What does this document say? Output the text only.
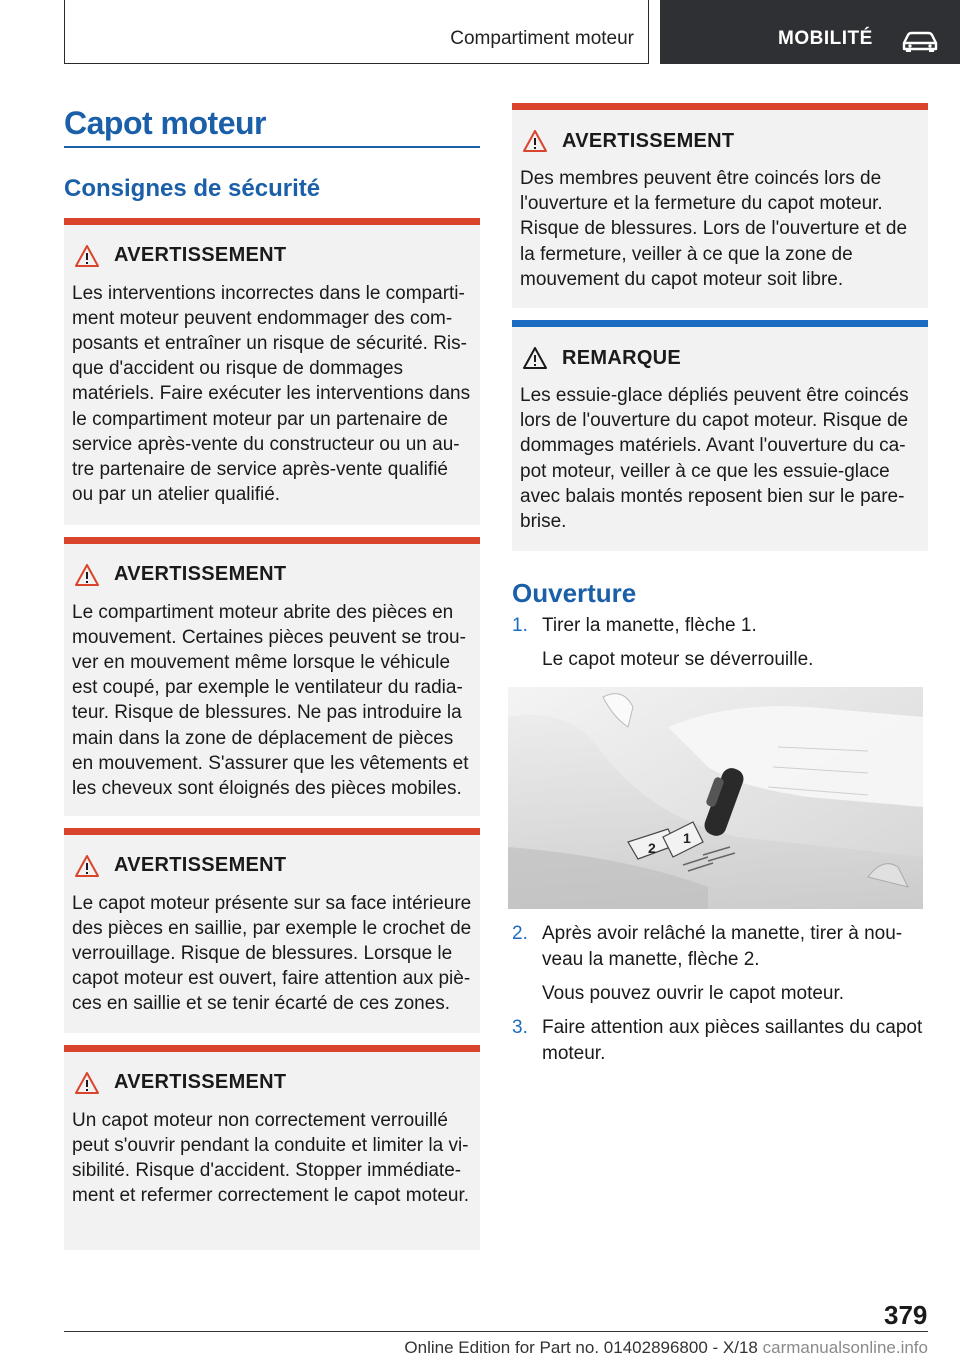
Compartiment moteur	MOBILITÉ
Capot moteur
Consignes de sécurité
AVERTISSEMENT

Les interventions incorrectes dans le compartiment moteur peuvent endommager des composants et entraîner un risque de sécurité. Risque d'accident ou risque de dommages matériels. Faire exécuter les interventions dans le compartiment moteur par un partenaire de service après-vente du constructeur ou un autre partenaire de service après-vente qualifié ou par un atelier qualifié.

AVERTISSEMENT

Le compartiment moteur abrite des pièces en mouvement. Certaines pièces peuvent se trouver en mouvement même lorsque le véhicule est coupé, par exemple le ventilateur du radiateur. Risque de blessures. Ne pas introduire la main dans la zone de déplacement de pièces en mouvement. S'assurer que les vêtements et les cheveux sont éloignés des pièces mobiles.

AVERTISSEMENT

Le capot moteur présente sur sa face intérieure des pièces en saillie, par exemple le crochet de verrouillage. Risque de blessures. Lorsque le capot moteur est ouvert, faire attention aux pièces en saillie et se tenir écarté de ces zones.

AVERTISSEMENT

Un capot moteur non correctement verrouillé peut s'ouvrir pendant la conduite et limiter la visibilité. Risque d'accident. Stopper immédiatement et refermer correctement le capot moteur.

AVERTISSEMENT

Des membres peuvent être coincés lors de l'ouverture et la fermeture du capot moteur. Risque de blessures. Lors de l'ouverture et de la fermeture, veiller à ce que la zone de mouvement du capot moteur soit libre.

REMARQUE

Les essuie-glace dépliés peuvent être coincés lors de l'ouverture du capot moteur. Risque de dommages matériels. Avant l'ouverture du capot moteur, veiller à ce que les essuie-glace avec balais montés reposent bien sur le pare-brise.

Ouverture
1. Tirer la manette, flèche 1.
Le capot moteur se déverrouille.
2
1
2. Après avoir relâché la manette, tirer à nouveau la manette, flèche 2.
Vous pouvez ouvrir le capot moteur.
3. Faire attention aux pièces saillantes du capot moteur.
379
Online Edition for Part no. 01402896800 - X/18 carmanualsonline.info
